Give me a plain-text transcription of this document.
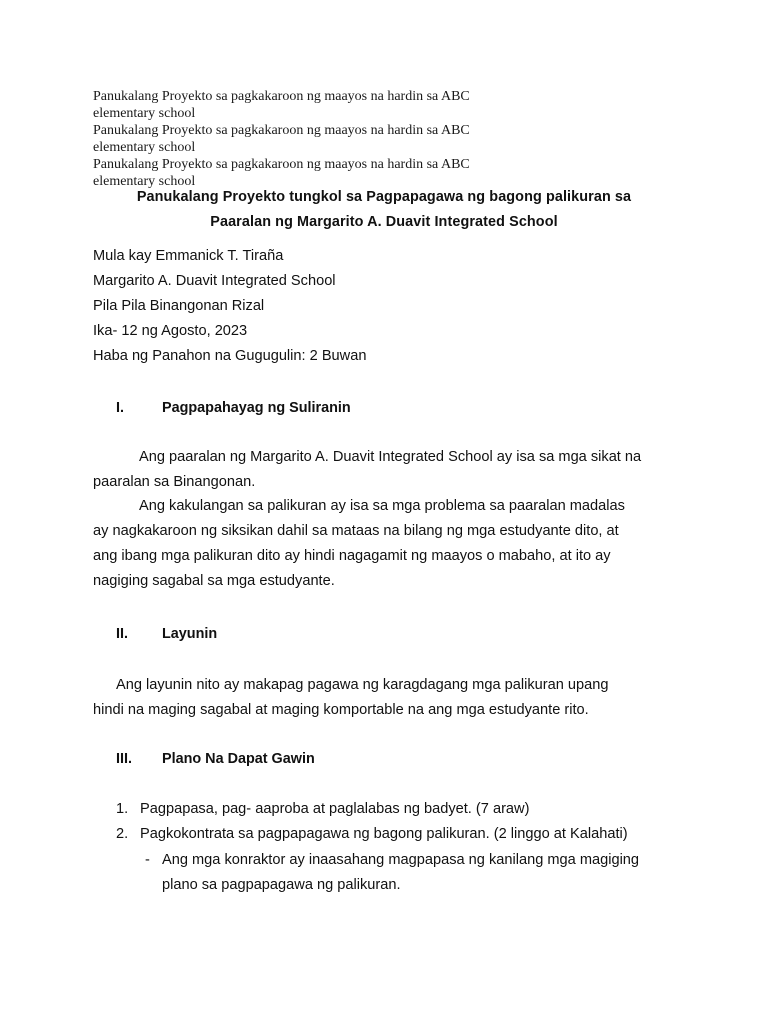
Panukalang Proyekto sa pagkakaroon ng maayos na hardin sa ABC
elementary school
Panukalang Proyekto sa pagkakaroon ng maayos na hardin sa ABC
elementary school
Panukalang Proyekto sa pagkakaroon ng maayos na hardin sa ABC
elementary school
Panukalang Proyekto tungkol sa Pagpapagawa ng bagong palikuran sa
Paaralan ng Margarito A. Duavit Integrated School
Mula kay Emmanick T. Tiraña
Margarito A. Duavit Integrated School
Pila Pila Binangonan Rizal
Ika- 12 ng Agosto, 2023
Haba ng Panahon na Gugugulin: 2 Buwan
I.	Pagpapahayag ng Suliranin
Ang paaralan ng Margarito A. Duavit Integrated School ay isa sa mga sikat na
paaralan sa Binangonan.
Ang kakulangan sa palikuran ay isa sa mga problema sa paaralan madalas
ay nagkakaroon ng siksikan dahil sa mataas na bilang ng mga estudyante dito, at
ang ibang mga palikuran dito ay hindi nagagamit ng maayos o mabaho, at ito ay
nagiging sagabal sa mga estudyante.
II. Layunin
Ang layunin nito ay makapag pagawa ng karagdagang mga palikuran upang
hindi na maging sagabal at maging komportable na ang mga estudyante rito.
III. Plano Na Dapat Gawin
1. Pagpapasa, pag- aaproba at paglalabas ng badyet. (7 araw)
2. Pagkokontrata sa pagpapagawa ng bagong palikuran. (2 linggo at Kalahati)
- Ang mga konraktor ay inaasahang magpapasa ng kanilang mga magiging
plano sa pagpapagawa ng palikuran.
